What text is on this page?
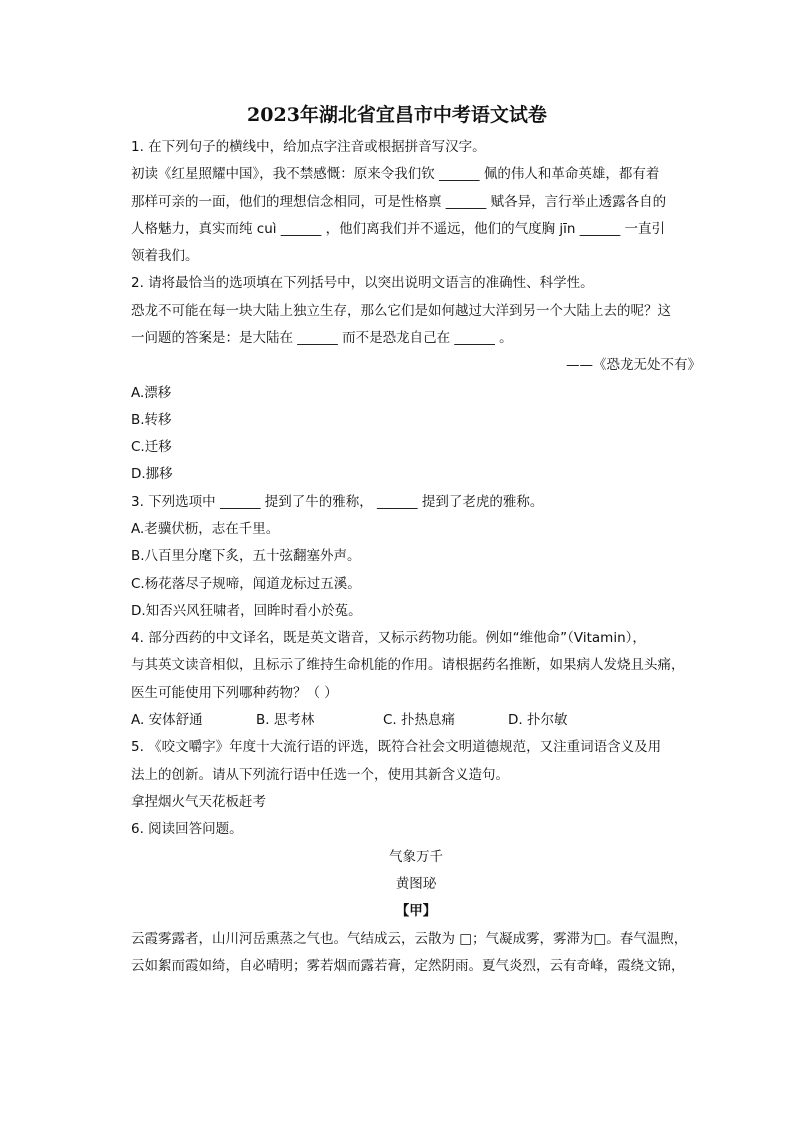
2023年湖北省宜昌市中考语文试卷
1. 在下列句子的横线中，给加点字注音或根据拼音写汉字。
初读《红星照耀中国》，我不禁感慨：原来令我们钦 ______ 佩的伟人和革命英雄，都有着
那样可亲的一面，他们的理想信念相同，可是性格禀 ______ 赋各异，言行举止透露各自的
人格魅力，真实而纯 cuì ______ ，他们离我们并不遥远，他们的气度胸 jīn ______ 一直引
领着我们。
2. 请将最恰当的选项填在下列括号中，以突出说明文语言的准确性、科学性。
恐龙不可能在每一块大陆上独立生存，那么它们是如何越过大洋到另一个大陆上去的呢？这
一问题的答案是：是大陆在 ______ 而不是恐龙自己在 ______ 。
——《恐龙无处不有》
A.漂移
B.转移
C.迁移
D.挪移
3. 下列选项中 ______ 提到了牛的雅称， ______ 提到了老虎的雅称。
A.老骥伏枥，志在千里。
B.八百里分麾下炙，五十弦翻塞外声。
C.杨花落尽子规啼，闻道龙标过五溪。
D.知否兴风狂啸者，回眸时看小於菟。
4. 部分西药的中文译名，既是英文谐音，又标示药物功能。例如“维他命”（Vitamin），
与其英文读音相似，且标示了维持生命机能的作用。请根据药名推断，如果病人发烧且头痛，
医生可能使用下列哪种药物？（ ）
A. 安体舒通	B. 思考林	C. 扑热息痛	D. 扑尔敏
5. 《咬文嚼字》年度十大流行语的评选，既符合社会文明道德规范，又注重词语含义及用
法上的创新。请从下列流行语中任选一个，使用其新含义造句。
拿捏烟火气天花板赶考
6. 阅读回答问题。
气象万千
黄图珌
【甲】
云霞雾露者，山川河岳熏蒸之气也。气结成云，云散为 □；气凝成雾，雾滞为□。春气温煦，
云如絮而霞如绮，自必晴明；雾若烟而露若膏，定然阴雨。夏气炎烈，云有奇峰，霞绕文锦，
